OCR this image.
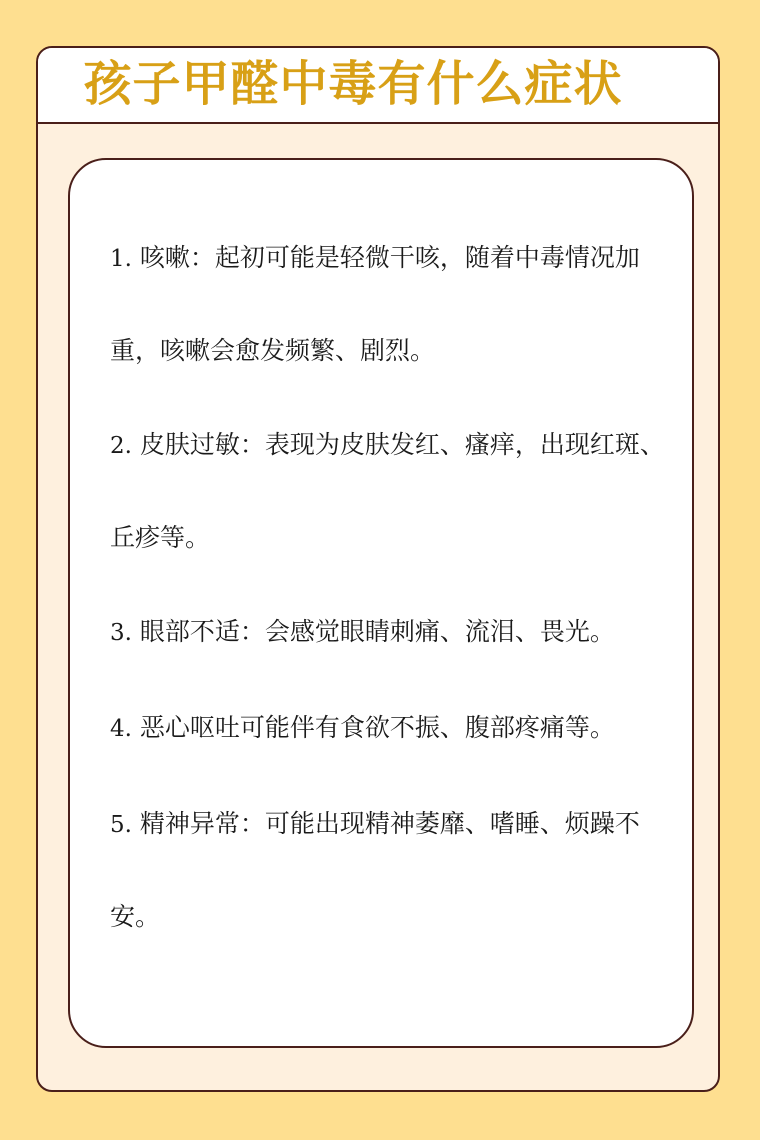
孩子甲醛中毒有什么症状
1. 咳嗽：起初可能是轻微干咳，随着中毒情况加重，咳嗽会愈发频繁、剧烈。
2. 皮肤过敏：表现为皮肤发红、瘙痒，出现红斑、丘疹等。
3. 眼部不适：会感觉眼睛刺痛、流泪、畏光。
4. 恶心呕吐可能伴有食欲不振、腹部疼痛等。
5. 精神异常：可能出现精神萎靡、嗜睡、烦躁不安。
